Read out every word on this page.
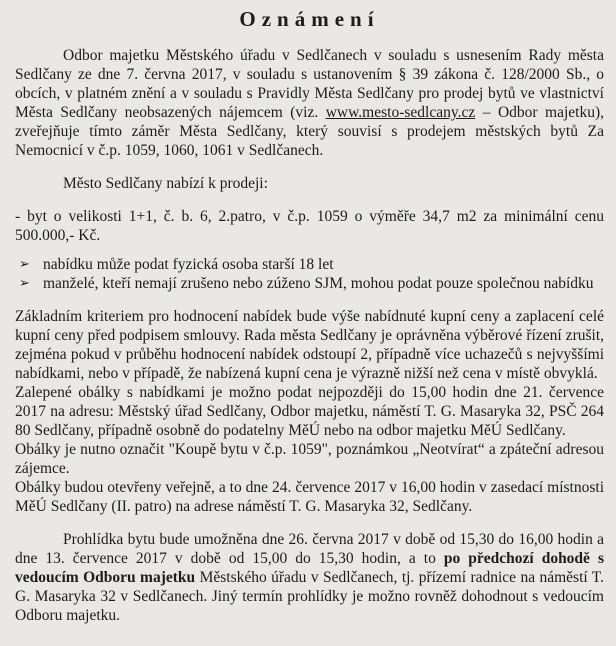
Oznámení

Odbor majetku Městského úřadu v Sedlčanech v souladu s usnesením Rady města Sedlčany ze dne 7. června 2017, v souladu s ustanovením § 39 zákona č. 128/2000 Sb., o obcích, v platném znění a v souladu s Pravidly Města Sedlčany pro prodej bytů ve vlastnictví Města Sedlčany neobsazených nájemcem (viz. www.mesto-sedlcany.cz – Odbor majetku), zveřejňuje tímto záměr Města Sedlčany, který souvisí s prodejem městských bytů Za Nemocnicí v č.p. 1059, 1060, 1061 v Sedlčanech.

Město Sedlčany nabízí k prodeji:

- byt o velikosti 1+1, č. b. 6, 2.patro, v č.p. 1059 o výměře 34,7 m2 za minimální cenu 500.000,- Kč.

➢ nabídku může podat fyzická osoba starší 18 let
➢ manželé, kteří nemají zrušeno nebo zúženo SJM, mohou podat pouze společnou nabídku

Základním kriteriem pro hodnocení nabídek bude výše nabídnuté kupní ceny a zaplacení celé kupní ceny před podpisem smlouvy. Rada města Sedlčany je oprávněna výběrové řízení zrušit, zejména pokud v průběhu hodnocení nabídek odstoupí 2, případně více uchazečů s nejvyššími nabídkami, nebo v případě, že nabízená kupní cena je výrazně nižší než cena v místě obvyklá.

Zalepené obálky s nabídkami je možno podat nejpozději do 15,00 hodin dne 21. července 2017 na adresu: Městský úřad Sedlčany, Odbor majetku, náměstí T. G. Masaryka 32, PSČ 264 80 Sedlčany, případně osobně do podatelny MěÚ nebo na odbor majetku MěÚ Sedlčany.

Obálky je nutno označit "Koupě bytu v č.p. 1059", poznámkou „Neotvírat“ a zpáteční adresou zájemce.

Obálky budou otevřeny veřejně, a to dne 24. července 2017 v 16,00 hodin v zasedací místnosti MěÚ Sedlčany (II. patro) na adrese náměstí T. G. Masaryka 32, Sedlčany.

Prohlídka bytu bude umožněna dne 26. června 2017 v době od 15,30 do 16,00 hodin a dne 13. července 2017 v době od 15,00 do 15,30 hodin, a to po předchozí dohodě s vedoucím Odboru majetku Městského úřadu v Sedlčanech, tj. přízemí radnice na náměstí T. G. Masaryka 32 v Sedlčanech. Jiný termín prohlídky je možno rovněž dohodnout s vedoucím Odboru majetku.
